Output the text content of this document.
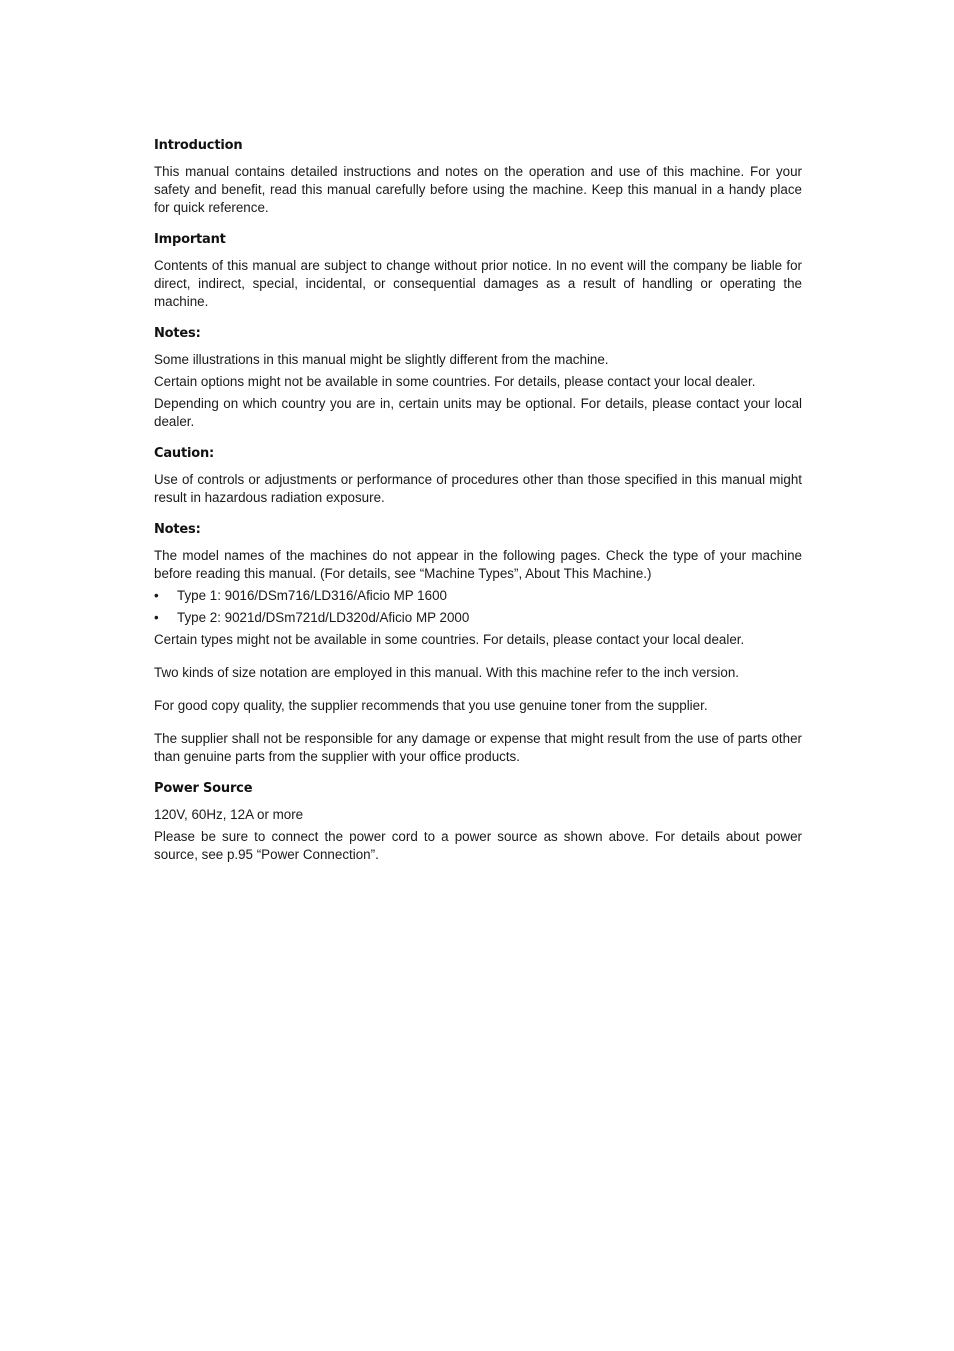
Introduction

This manual contains detailed instructions and notes on the operation and use of this machine. For your safety and benefit, read this manual carefully before using the machine. Keep this manual in a handy place for quick reference.

Important

Contents of this manual are subject to change without prior notice. In no event will the company be liable for direct, indirect, special, incidental, or consequential damages as a result of handling or operating the machine.

Notes:

Some illustrations in this manual might be slightly different from the machine.

Certain options might not be available in some countries. For details, please contact your local dealer.

Depending on which country you are in, certain units may be optional. For details, please contact your local dealer.

Caution:

Use of controls or adjustments or performance of procedures other than those specified in this manual might result in hazardous radiation exposure.

Notes:

The model names of the machines do not appear in the following pages. Check the type of your machine before reading this manual. (For details, see “Machine Types”, About This Machine.)

• Type 1: 9016/DSm716/LD316/Aficio MP 1600
• Type 2: 9021d/DSm721d/LD320d/Aficio MP 2000

Certain types might not be available in some countries. For details, please contact your local dealer.

Two kinds of size notation are employed in this manual. With this machine refer to the inch version.

For good copy quality, the supplier recommends that you use genuine toner from the supplier.

The supplier shall not be responsible for any damage or expense that might result from the use of parts other than genuine parts from the supplier with your office products.

Power Source

120V, 60Hz, 12A or more

Please be sure to connect the power cord to a power source as shown above. For details about power source, see p.95 “Power Connection”.
